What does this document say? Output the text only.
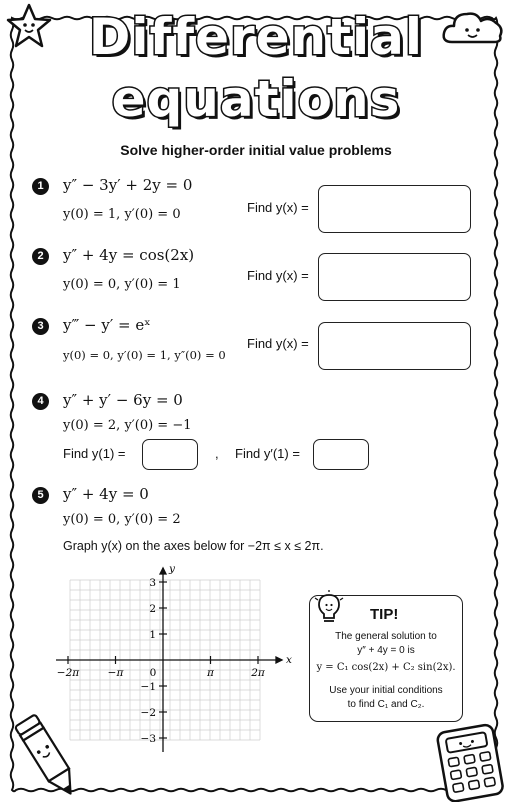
Differential
equations
Solve higher-order initial value problems
1	y″ − 3y′ + 2y = 0
y(0) = 1, y′(0) = 0	Find y(x) =
2	y″ + 4y = cos(2x)
y(0) = 0, y′(0) = 1
Find y(x) =
3	y‴ − y′ = eˣ
y(0) = 0, y′(0) = 1, y″(0) = 0
Find y(x) =
4	y″ + y′ − 6y = 0
y(0) = 2, y′(0) = −1
Find y(1) =	, Find y′(1) =
5	y″ + 4y = 0
y(0) = 0, y′(0) = 2
Graph y(x) on the axes below for −2π ≤ x ≤ 2π.
x
y
−2π	−π	0	π	2π
3
2
1
−1
−2
−3
TIP!
The general solution to
y″ + 4y = 0 is
y = C₁ cos(2x) + C₂ sin(2x).
Use your initial conditions
to find C₁ and C₂.
